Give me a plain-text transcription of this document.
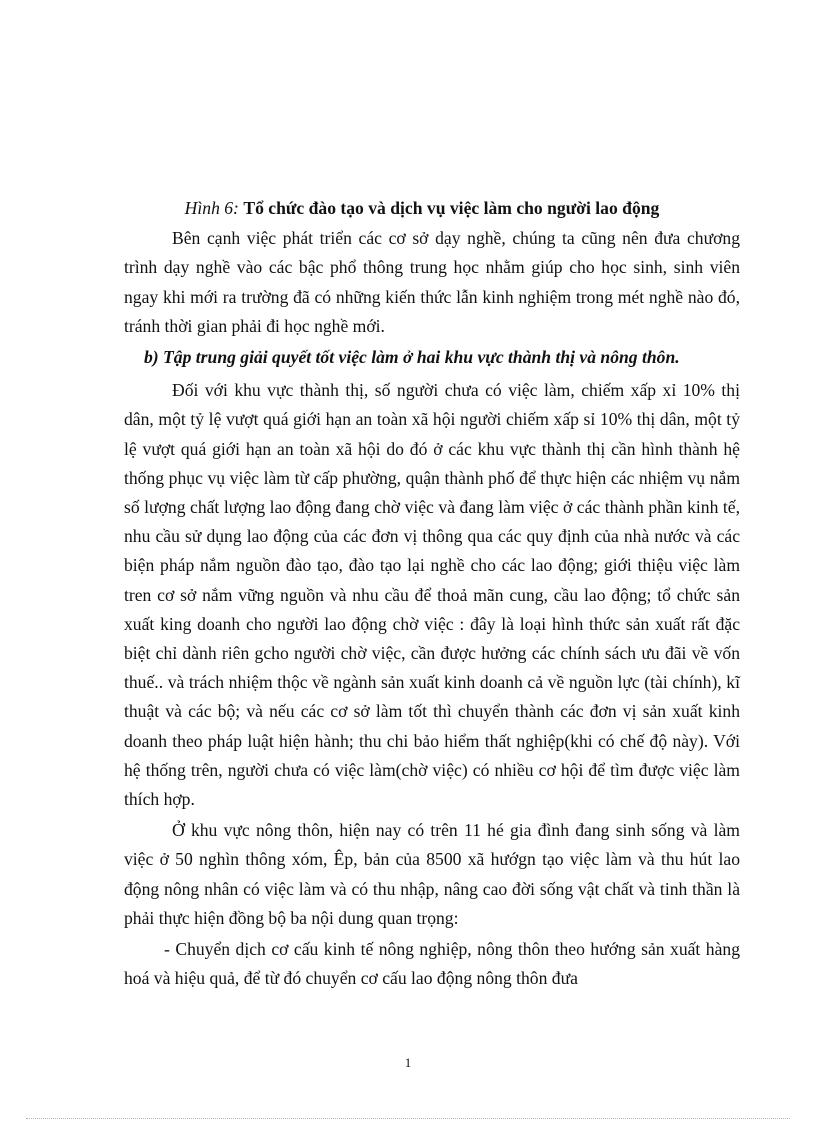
Hình 6: Tổ chức đào tạo và dịch vụ việc làm cho người lao động

Bên cạnh việc phát triển các cơ sở dạy nghề, chúng ta cũng nên đưa chương trình dạy nghề vào các bậc phổ thông trung học nhằm giúp cho học sinh, sinh viên ngay khi mới ra trường đã có những kiến thức lẫn kinh nghiệm trong mét nghề nào đó, tránh thời gian phải đi học nghề mới.

b) Tập trung giải quyết tốt việc làm ở hai khu vực thành thị và nông thôn.

Đối với khu vực thành thị, số người chưa có việc làm, chiếm xấp xỉ 10% thị dân, một tỷ lệ vượt quá giới hạn an toàn xã hội người chiếm xấp sỉ 10% thị dân, một tỷ lệ vượt quá giới hạn an toàn xã hội do đó ở các khu vực thành thị cần hình thành hệ thống phục vụ việc làm từ cấp phường, quận thành phố để thực hiện các nhiệm vụ nắm số lượng chất lượng lao động đang chờ việc và đang làm việc ở các thành phần kinh tế, nhu cầu sử dụng lao động của các đơn vị thông qua các quy định của nhà nước và các biện pháp nắm nguồn đào tạo, đào tạo lại nghề cho các lao động; giới thiệu việc làm tren cơ sở nắm vững nguồn và nhu cầu để thoả mãn cung, cầu lao động; tổ chức sản xuất king doanh cho người lao động chờ việc : đây là loại hình thức sản xuất rất đặc biệt chỉ dành riên gcho người chờ việc, cần được hưởng các chính sách ưu đãi về vốn thuế.. và trách nhiệm thộc về ngành sản xuất kinh doanh cả về nguồn lực (tài chính), kĩ thuật và các bộ; và nếu các cơ sở làm tốt thì chuyển thành các đơn vị sản xuất kinh doanh theo pháp luật hiện hành; thu chi bảo hiểm thất nghiệp(khi có chế độ này). Với hệ thống trên, người chưa có việc làm(chờ việc) có nhiều cơ hội để tìm được việc làm thích hợp.

Ở khu vực nông thôn, hiện nay có trên 11 hé gia đình đang sinh sống và làm việc ở 50 nghìn thông xóm, Êp, bản của 8500 xã hướgn tạo việc làm và thu hút lao động nông nhân có việc làm và có thu nhập, nâng cao đời sống vật chất và tinh thần là phải thực hiện đồng bộ ba nội dung quan trọng:

- Chuyển dịch cơ cấu kinh tế nông nghiệp, nông thôn theo hướng sản xuất hàng hoá và hiệu quả, để từ đó chuyển cơ cấu lao động nông thôn đưa

1
